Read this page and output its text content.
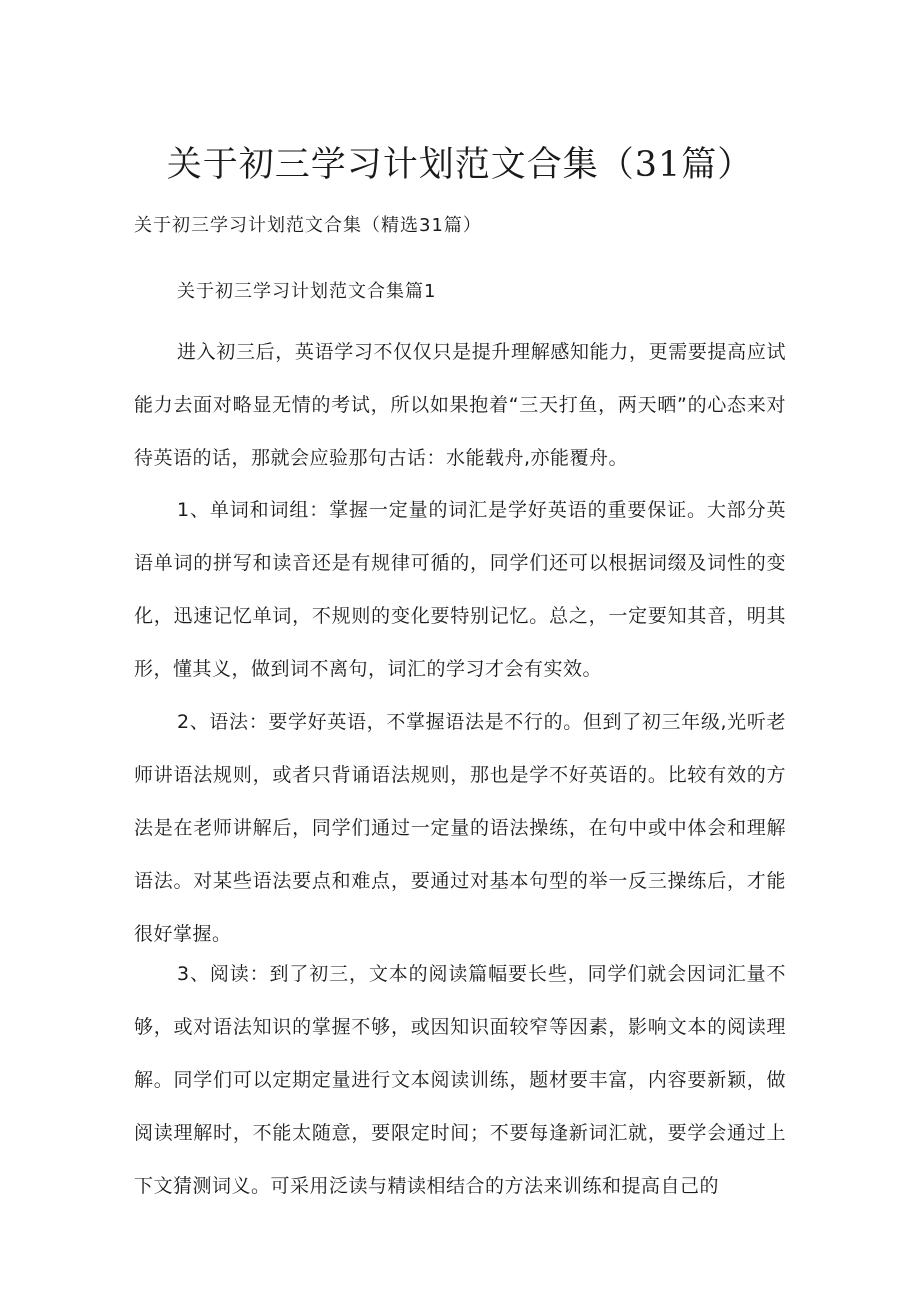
关于初三学习计划范文合集（31篇）

关于初三学习计划范文合集（精选31篇）

关于初三学习计划范文合集篇1

进入初三后，英语学习不仅仅只是提升理解感知能力，更需要提高应试能力去面对略显无情的考试，所以如果抱着“三天打鱼，两天晒”的心态来对待英语的话，那就会应验那句古话：水能载舟,亦能覆舟。

1、单词和词组：掌握一定量的词汇是学好英语的重要保证。大部分英语单词的拼写和读音还是有规律可循的，同学们还可以根据词缀及词性的变化，迅速记忆单词，不规则的变化要特别记忆。总之，一定要知其音，明其形，懂其义，做到词不离句，词汇的学习才会有实效。

2、语法：要学好英语，不掌握语法是不行的。但到了初三年级,光听老师讲语法规则，或者只背诵语法规则，那也是学不好英语的。比较有效的方法是在老师讲解后，同学们通过一定量的语法操练，在句中或中体会和理解语法。对某些语法要点和难点，要通过对基本句型的举一反三操练后，才能很好掌握。

3、阅读：到了初三，文本的阅读篇幅要长些，同学们就会因词汇量不够，或对语法知识的掌握不够，或因知识面较窄等因素，影响文本的阅读理解。同学们可以定期定量进行文本阅读训练，题材要丰富，内容要新颖，做阅读理解时，不能太随意，要限定时间；不要每逢新词汇就，要学会通过上下文猜测词义。可采用泛读与精读相结合的方法来训练和提高自己的
